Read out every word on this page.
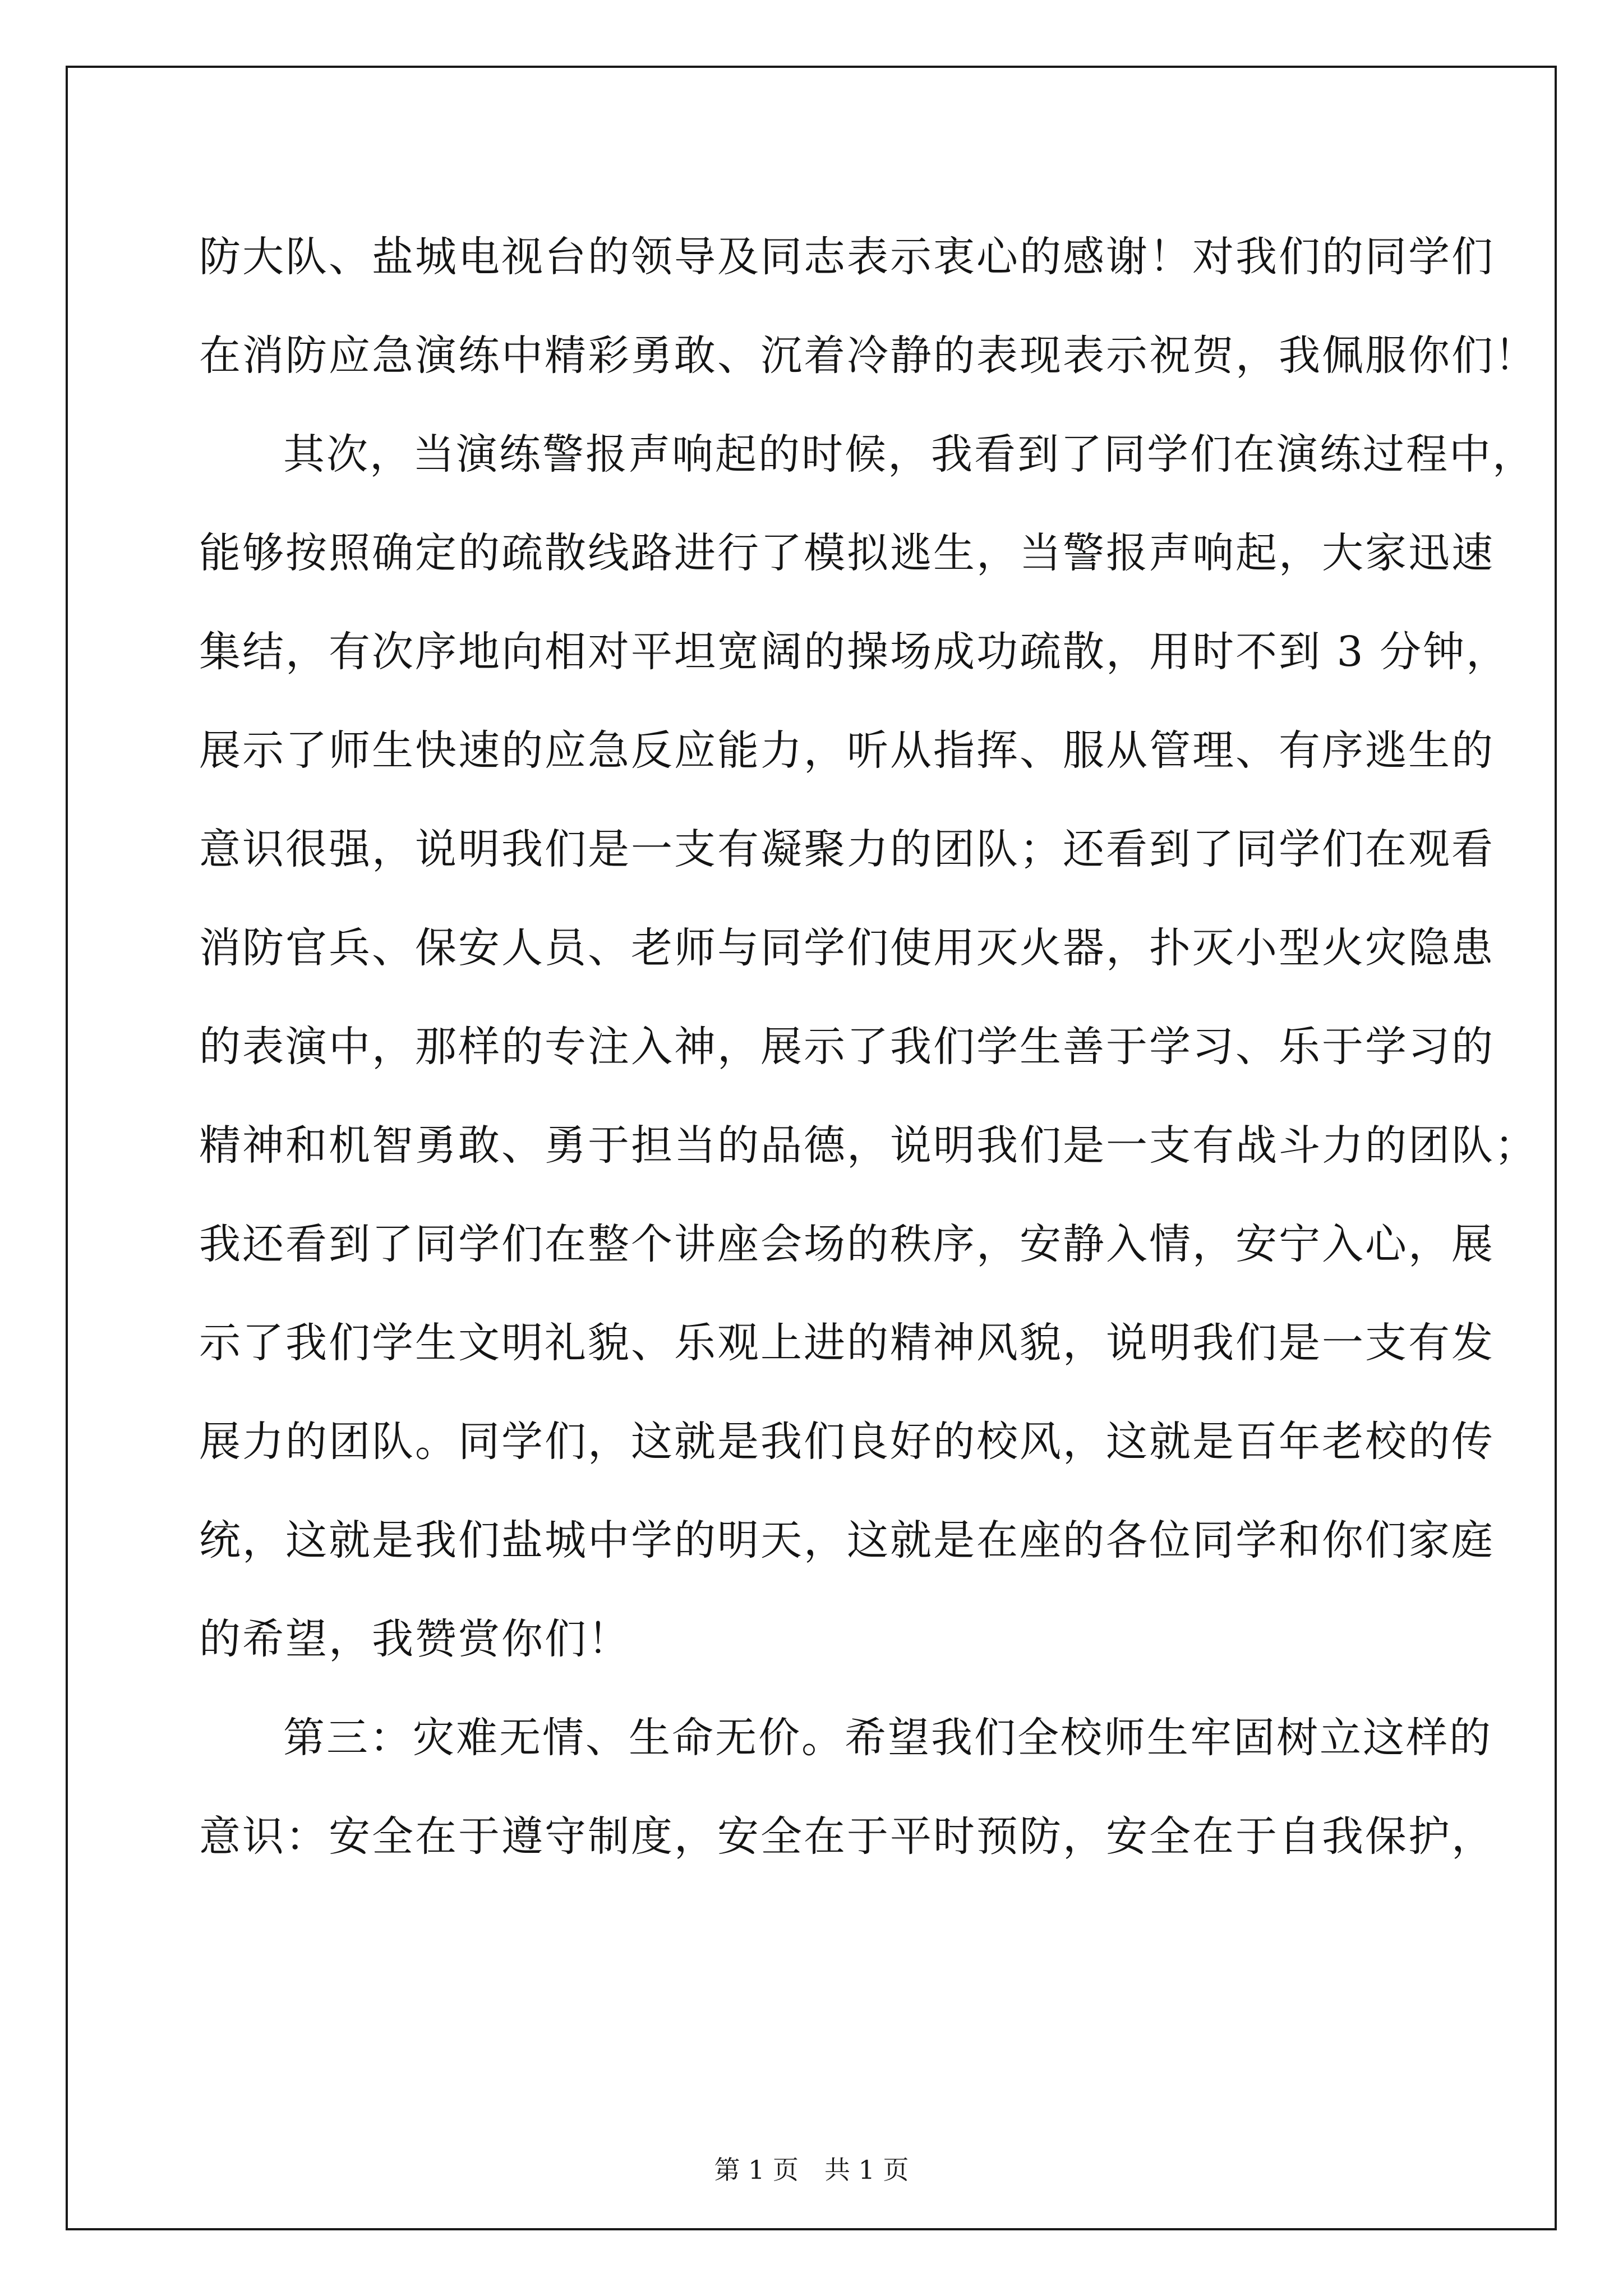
防大队、盐城电视台的领导及同志表示衷心的感谢！对我们的同学们
在消防应急演练中精彩勇敢、沉着冷静的表现表示祝贺，我佩服你们！
其次，当演练警报声响起的时候，我看到了同学们在演练过程中，
能够按照确定的疏散线路进行了模拟逃生，当警报声响起，大家迅速
集结，有次序地向相对平坦宽阔的操场成功疏散，用时不到 3 分钟，
展示了师生快速的应急反应能力，听从指挥、服从管理、有序逃生的
意识很强，说明我们是一支有凝聚力的团队；还看到了同学们在观看
消防官兵、保安人员、老师与同学们使用灭火器，扑灭小型火灾隐患
的表演中，那样的专注入神，展示了我们学生善于学习、乐于学习的
精神和机智勇敢、勇于担当的品德，说明我们是一支有战斗力的团队；
我还看到了同学们在整个讲座会场的秩序，安静入情，安宁入心，展
示了我们学生文明礼貌、乐观上进的精神风貌，说明我们是一支有发
展力的团队。同学们，这就是我们良好的校风，这就是百年老校的传
统，这就是我们盐城中学的明天，这就是在座的各位同学和你们家庭
的希望，我赞赏你们！
第三：灾难无情、生命无价。希望我们全校师生牢固树立这样的
意识：安全在于遵守制度，安全在于平时预防，安全在于自我保护，
第 1 页　共 1 页
